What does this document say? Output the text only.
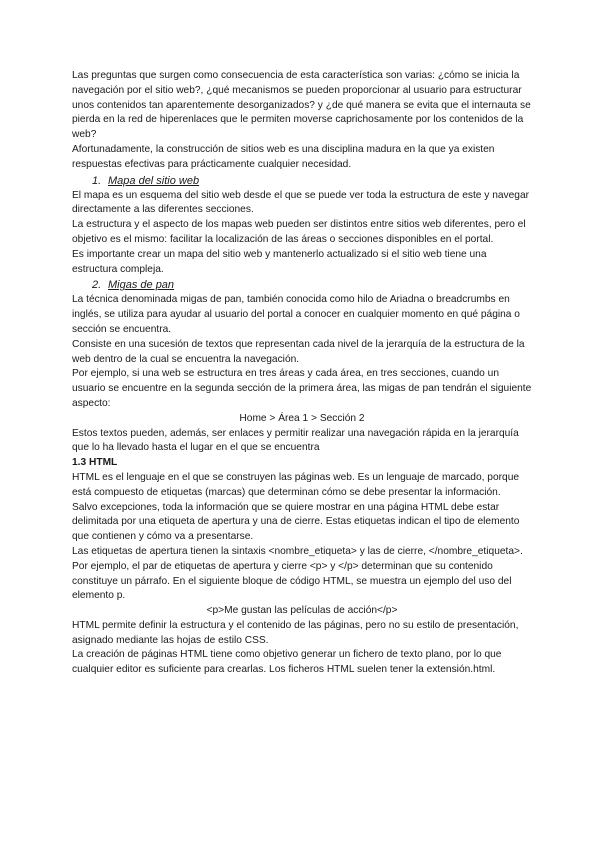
Las preguntas que surgen como consecuencia de esta característica son varias: ¿cómo se inicia la navegación por el sitio web?, ¿qué mecanismos se pueden proporcionar al usuario para estructurar unos contenidos tan aparentemente desorganizados? y ¿de qué manera se evita que el internauta se pierda en la red de hiperenlaces que le permiten moverse caprichosamente por los contenidos de la web?

Afortunadamente, la construcción de sitios web es una disciplina madura en la que ya existen respuestas efectivas para prácticamente cualquier necesidad.

1. Mapa del sitio web

El mapa es un esquema del sitio web desde el que se puede ver toda la estructura de este y navegar directamente a las diferentes secciones.

La estructura y el aspecto de los mapas web pueden ser distintos entre sitios web diferentes, pero el objetivo es el mismo: facilitar la localización de las áreas o secciones disponibles en el portal.

Es importante crear un mapa del sitio web y mantenerlo actualizado si el sitio web tiene una estructura compleja.

2. Migas de pan

La técnica denominada migas de pan, también conocida como hilo de Ariadna o breadcrumbs en inglés, se utiliza para ayudar al usuario del portal a conocer en cualquier momento en qué página o sección se encuentra.

Consiste en una sucesión de textos que representan cada nivel de la jerarquía de la estructura de la web dentro de la cual se encuentra la navegación.

Por ejemplo, si una web se estructura en tres áreas y cada área, en tres secciones, cuando un usuario se encuentre en la segunda sección de la primera área, las migas de pan tendrán el siguiente aspecto:

Home > Área 1 > Sección 2

Estos textos pueden, además, ser enlaces y permitir realizar una navegación rápida en la jerarquía que lo ha llevado hasta el lugar en el que se encuentra

1.3 HTML

HTML es el lenguaje en el que se construyen las páginas web. Es un lenguaje de marcado, porque está compuesto de etiquetas (marcas) que determinan cómo se debe presentar la información.

Salvo excepciones, toda la información que se quiere mostrar en una página HTML debe estar delimitada por una etiqueta de apertura y una de cierre. Estas etiquetas indican el tipo de elemento que contienen y cómo va a presentarse.

Las etiquetas de apertura tienen la sintaxis <nombre_etiqueta> y las de cierre, </nombre_etiqueta>. Por ejemplo, el par de etiquetas de apertura y cierre <p> y </p> determinan que su contenido constituye un párrafo. En el siguiente bloque de código HTML, se muestra un ejemplo del uso del elemento p.

<p>Me gustan las películas de acción</p>

HTML permite definir la estructura y el contenido de las páginas, pero no su estilo de presentación, asignado mediante las hojas de estilo CSS.

La creación de páginas HTML tiene como objetivo generar un fichero de texto plano, por lo que cualquier editor es suficiente para crearlas. Los ficheros HTML suelen tener la extensión.html.
